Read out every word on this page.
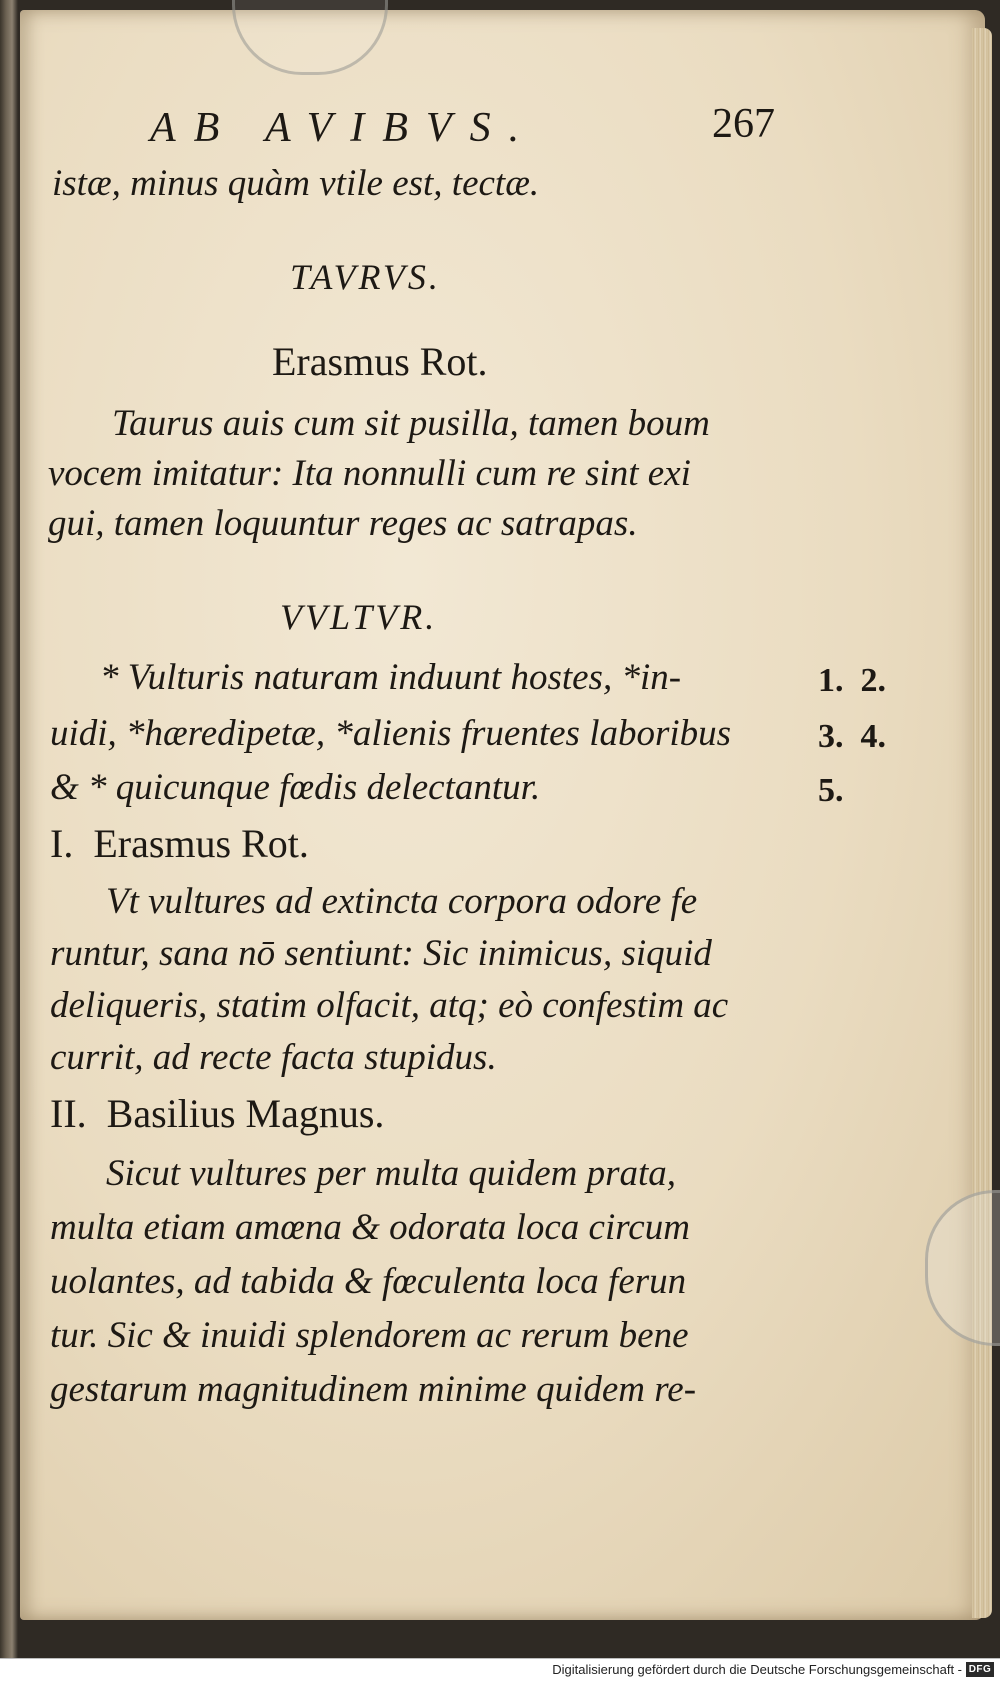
AB AVIBVS.	267
istæ, minus quàm vtile est, tectæ.
TAVRVS.
Erasmus Rot.
Taurus auis cum sit pusilla, tamen boum
vocem imitatur: Ita nonnulli cum re sint exi
gui, tamen loquuntur reges ac satrapas.
VVLTVR.
* Vulturis naturam induunt hostes, *in-
uidi, *hæredipetæ, *alienis fruentes laboribus
& * quicunque fœdis delectantur.
I.  Erasmus Rot.
Vt vultures ad extincta corpora odore fe
runtur, sana nō sentiunt: Sic inimicus, siquid
deliqueris, statim olfacit, atq; eò confestim ac
currit, ad recte facta stupidus.
II.  Basilius Magnus.
Sicut vultures per multa quidem prata,
multa etiam amœna & odorata loca circum
uolantes, ad tabida & fœculenta loca ferun
tur. Sic & inuidi splendorem ac rerum bene
gestarum magnitudinem minime quidem re-
1.  2.
3.  4.
5.
Digitalisierung gefördert durch die Deutsche Forschungsgemeinschaft - DFG
